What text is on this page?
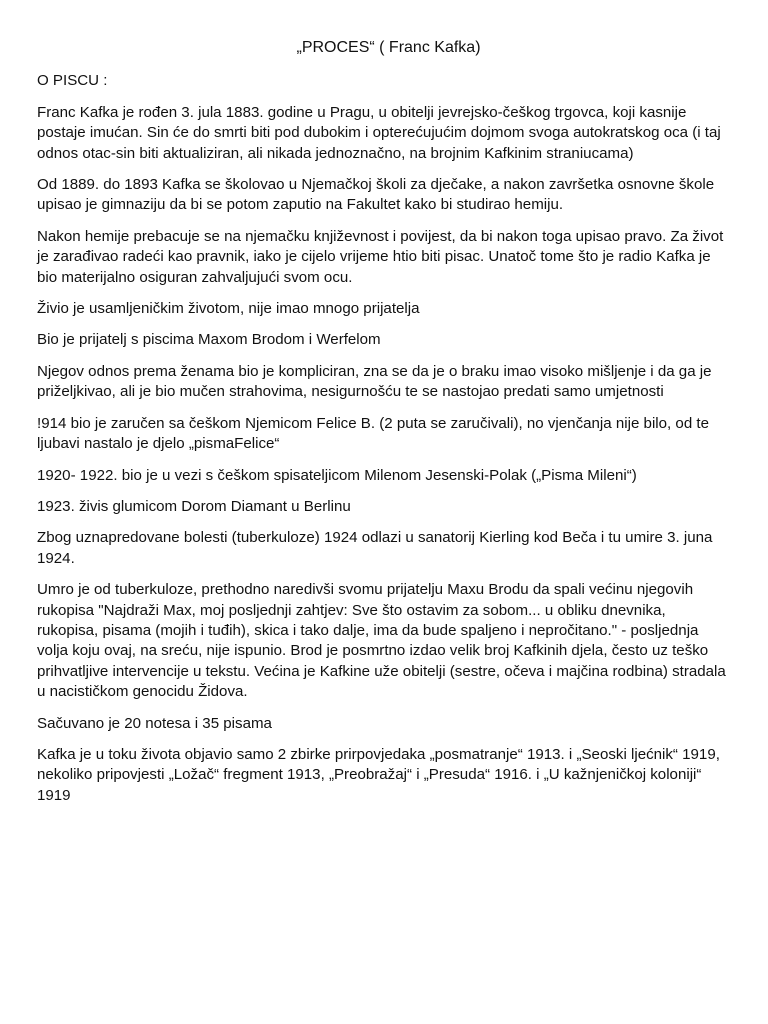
„PROCES“ ( Franc Kafka)

O PISCU :

Franc Kafka je rođen 3. jula 1883. godine u Pragu, u obitelji jevrejsko-češkog trgovca, koji kasnije postaje imućan. Sin će do smrti biti pod dubokim i opterećujućim dojmom svoga autokratskog oca (i taj odnos otac-sin biti aktualiziran, ali nikada jednoznačno, na brojnim Kafkinim straniucama)

Od 1889. do 1893 Kafka se školovao u Njemačkoj školi za dječake, a nakon završetka osnovne škole upisao je gimnaziju da bi se potom zaputio na Fakultet kako bi studirao hemiju.

Nakon hemije prebacuje se na njemačku književnost i povijest, da bi nakon toga upisao pravo. Za život je zarađivao radeći kao pravnik, iako je cijelo vrijeme htio biti pisac. Unatoč tome što je radio Kafka je bio materijalno osiguran zahvaljujući svom ocu.

Živio je usamljeničkim životom, nije imao mnogo prijatelja

Bio je prijatelj s piscima Maxom Brodom i Werfelom

Njegov odnos prema ženama bio je kompliciran, zna se da je o braku imao visoko mišljenje i da ga je priželjkivao, ali je bio mučen strahovima, nesigurnošću te se nastojao predati samo umjetnosti

!914 bio je zaručen sa češkom Njemicom Felice B. (2 puta se zaručivali), no vjenčanja nije bilo, od te ljubavi nastalo je djelo „pismaFelice“

1920- 1922. bio je u vezi s češkom spisateljicom Milenom Jesenski-Polak („Pisma Mileni“)

1923. živis glumicom Dorom Diamant u Berlinu

Zbog uznapredovane bolesti (tuberkuloze) 1924 odlazi u sanatorij Kierling kod Beča i tu umire 3. juna 1924.

Umro je od tuberkuloze, prethodno naredivši svomu prijatelju Maxu Brodu da spali većinu njegovih rukopisa "Najdraži Max, moj posljednji zahtjev: Sve što ostavim za sobom... u obliku dnevnika, rukopisa, pisama (mojih i tuđih), skica i tako dalje, ima da bude spaljeno i nepročitano." - posljednja volja koju ovaj, na sreću, nije ispunio. Brod je posmrtno izdao velik broj Kafkinih djela, često uz teško prihvatljive intervencije u tekstu. Većina je Kafkine uže obitelji (sestre, očeva i majčina rodbina) stradala u nacističkom genocidu Židova.

Sačuvano je 20 notesa i 35 pisama

Kafka je u toku života objavio samo 2 zbirke prirpovjedaka „posmatranje“ 1913. i „Seoski ljećnik“ 1919, nekoliko pripovjesti „Ložač“ fregment 1913, „Preobražaj“ i „Presuda“ 1916. i „U kažnjeničkoj koloniji“ 1919
